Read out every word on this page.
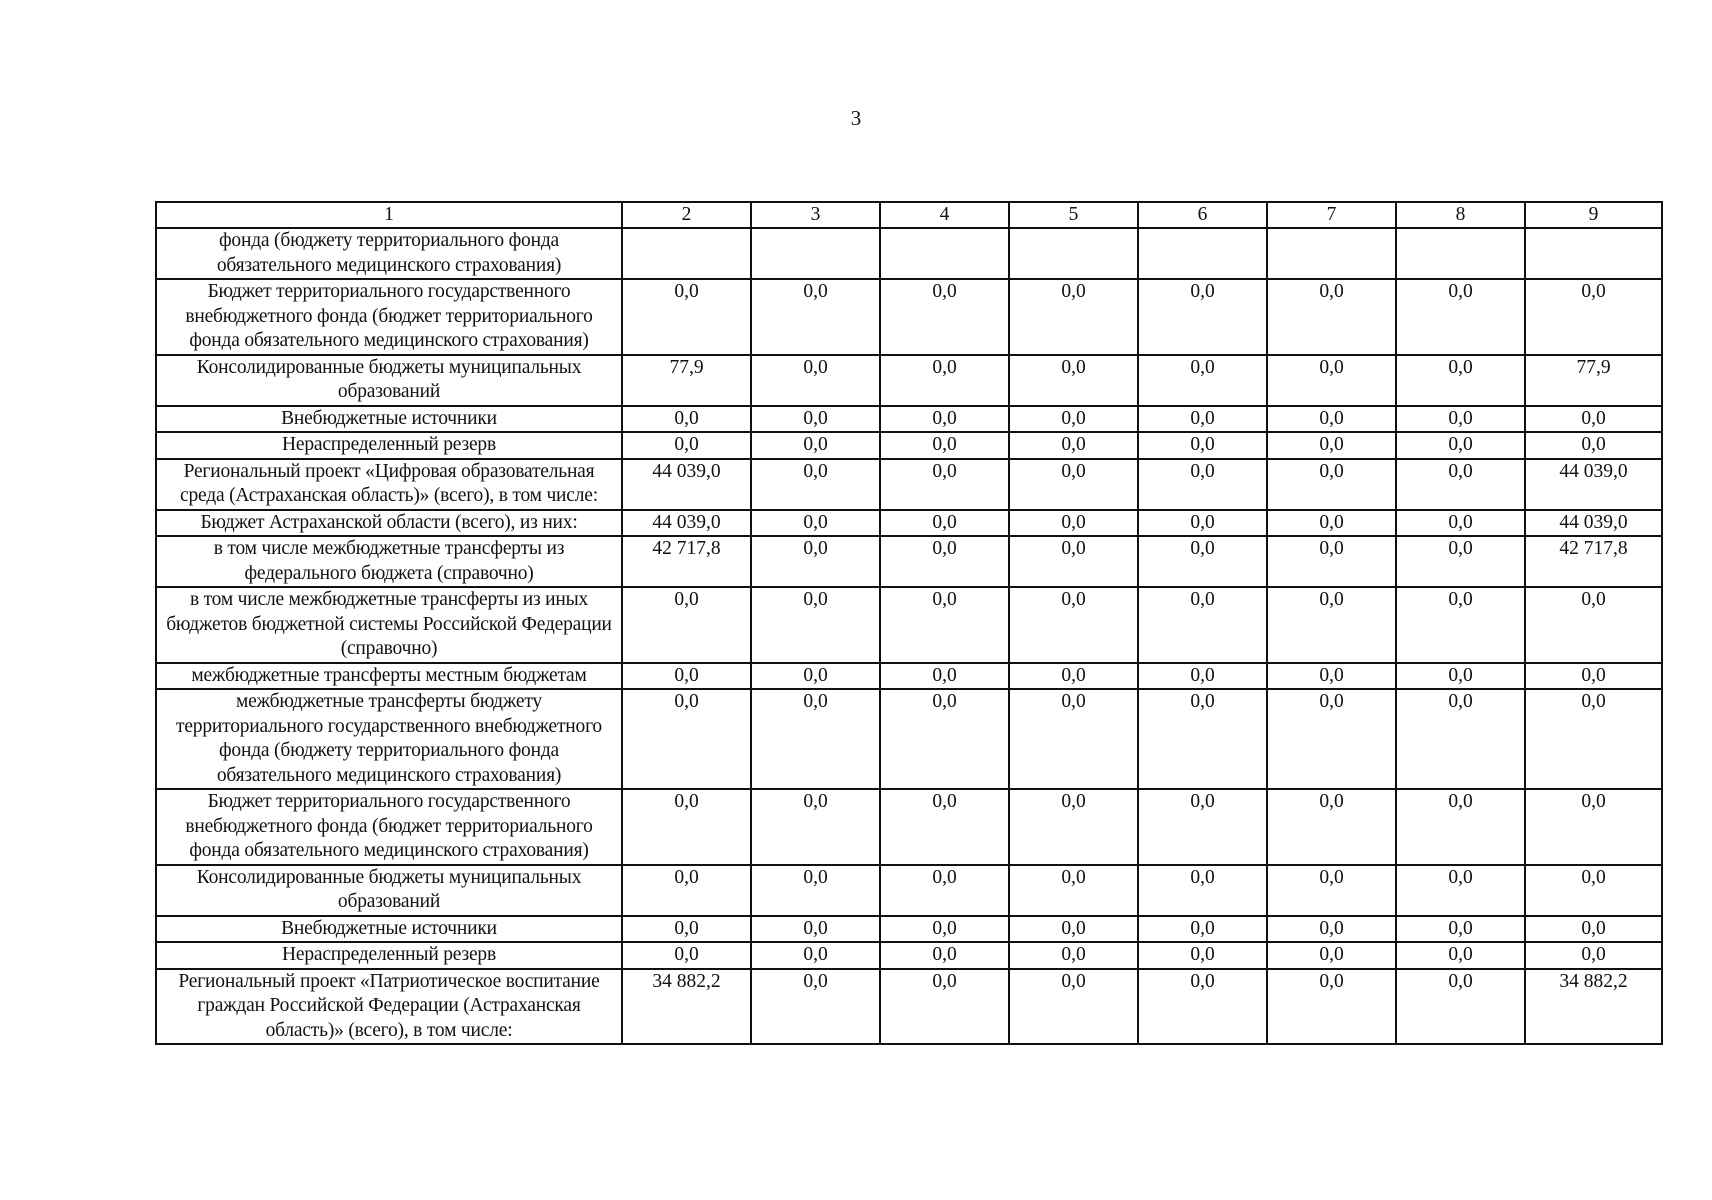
3
1	2	3	4	5	6	7	8	9
фонда (бюджету территориального фонда обязательного медицинского страхования)								
Бюджет территориального государственного внебюджетного фонда (бюджет территориального фонда обязательного медицинского страхования)	0,0	0,0	0,0	0,0	0,0	0,0	0,0	0,0
Консолидированные бюджеты муниципальных образований	77,9	0,0	0,0	0,0	0,0	0,0	0,0	77,9
Внебюджетные источники	0,0	0,0	0,0	0,0	0,0	0,0	0,0	0,0
Нераспределенный резерв	0,0	0,0	0,0	0,0	0,0	0,0	0,0	0,0
Региональный проект «Цифровая образовательная среда (Астраханская область)» (всего), в том числе:	44 039,0	0,0	0,0	0,0	0,0	0,0	0,0	44 039,0
Бюджет Астраханской области (всего), из них:	44 039,0	0,0	0,0	0,0	0,0	0,0	0,0	44 039,0
в том числе межбюджетные трансферты из федерального бюджета (справочно)	42 717,8	0,0	0,0	0,0	0,0	0,0	0,0	42 717,8
в том числе межбюджетные трансферты из иных бюджетов бюджетной системы Российской Федерации (справочно)	0,0	0,0	0,0	0,0	0,0	0,0	0,0	0,0
межбюджетные трансферты местным бюджетам	0,0	0,0	0,0	0,0	0,0	0,0	0,0	0,0
межбюджетные трансферты бюджету территориального государственного внебюджетного фонда (бюджету территориального фонда обязательного медицинского страхования)	0,0	0,0	0,0	0,0	0,0	0,0	0,0	0,0
Бюджет территориального государственного внебюджетного фонда (бюджет территориального фонда обязательного медицинского страхования)	0,0	0,0	0,0	0,0	0,0	0,0	0,0	0,0
Консолидированные бюджеты муниципальных образований	0,0	0,0	0,0	0,0	0,0	0,0	0,0	0,0
Внебюджетные источники	0,0	0,0	0,0	0,0	0,0	0,0	0,0	0,0
Нераспределенный резерв	0,0	0,0	0,0	0,0	0,0	0,0	0,0	0,0
Региональный проект «Патриотическое воспитание граждан Российской Федерации (Астраханская область)» (всего), в том числе:	34 882,2	0,0	0,0	0,0	0,0	0,0	0,0	34 882,2
